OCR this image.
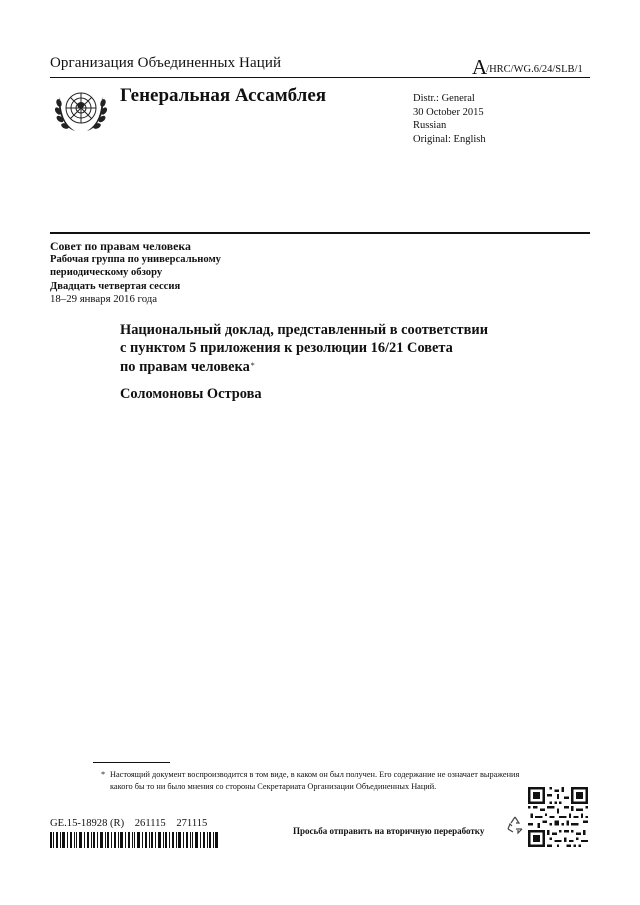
Организация Объединенных Наций	A/HRC/WG.6/24/SLB/1
Генеральная Ассамблея	Distr.: General
30 October 2015
Russian
Original: English
Совет по правам человека
Рабочая группа по универсальному
периодическому обзору
Двадцать четвертая сессия
18–29 января 2016 года
Национальный доклад, представленный в соответствии
с пунктом 5 приложения к резолюции 16/21 Совета
по правам человека*
Соломоновы Острова
* Настоящий документ воспроизводится в том виде, в каком он был получен. Его содержание не означает выражения какого бы то ни было мнения со стороны Секретариата Организации Объединенных Наций.
GE.15-18928 (R)    261115    271115
Просьба отправить на вторичную переработку
